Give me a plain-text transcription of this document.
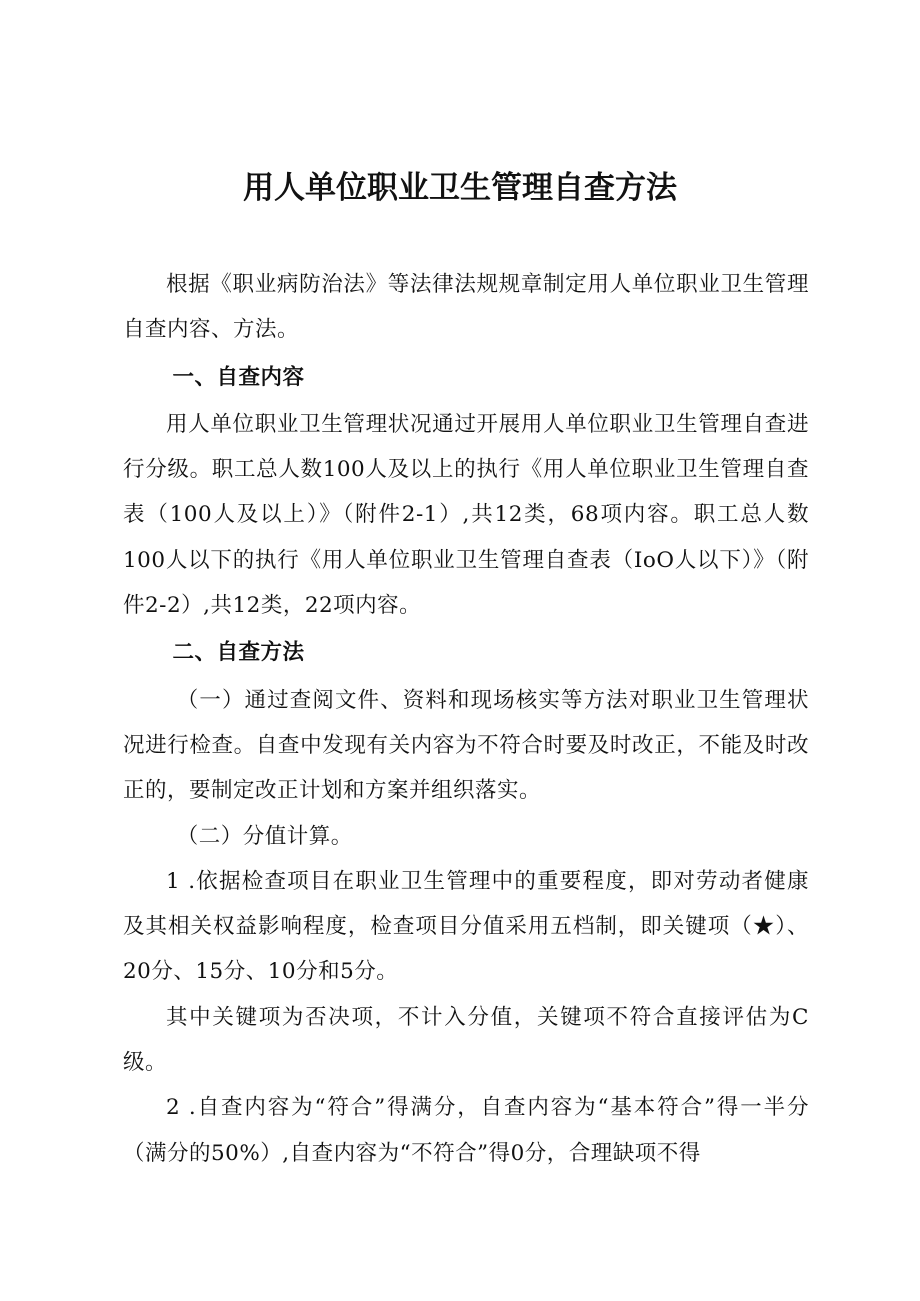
用人单位职业卫生管理自查方法

根据《职业病防治法》等法律法规规章制定用人单位职业卫生管理自查内容、方法。

一、自查内容

用人单位职业卫生管理状况通过开展用人单位职业卫生管理自查进行分级。职工总人数100人及以上的执行《用人单位职业卫生管理自查表（100人及以上）》（附件2-1）,共12类，68项内容。职工总人数100人以下的执行《用人单位职业卫生管理自查表（IoO人以下）》（附件2-2）,共12类，22项内容。

二、自查方法

（一）通过查阅文件、资料和现场核实等方法对职业卫生管理状况进行检查。自查中发现有关内容为不符合时要及时改正，不能及时改正的，要制定改正计划和方案并组织落实。

（二）分值计算。

1 .依据检查项目在职业卫生管理中的重要程度，即对劳动者健康及其相关权益影响程度，检查项目分值采用五档制，即关键项（★）、20分、15分、10分和5分。

其中关键项为否决项，不计入分值，关键项不符合直接评估为C级。

2 .自查内容为“符合”得满分，自查内容为“基本符合”得一半分（满分的50%）,自查内容为“不符合”得0分，合理缺项不得
